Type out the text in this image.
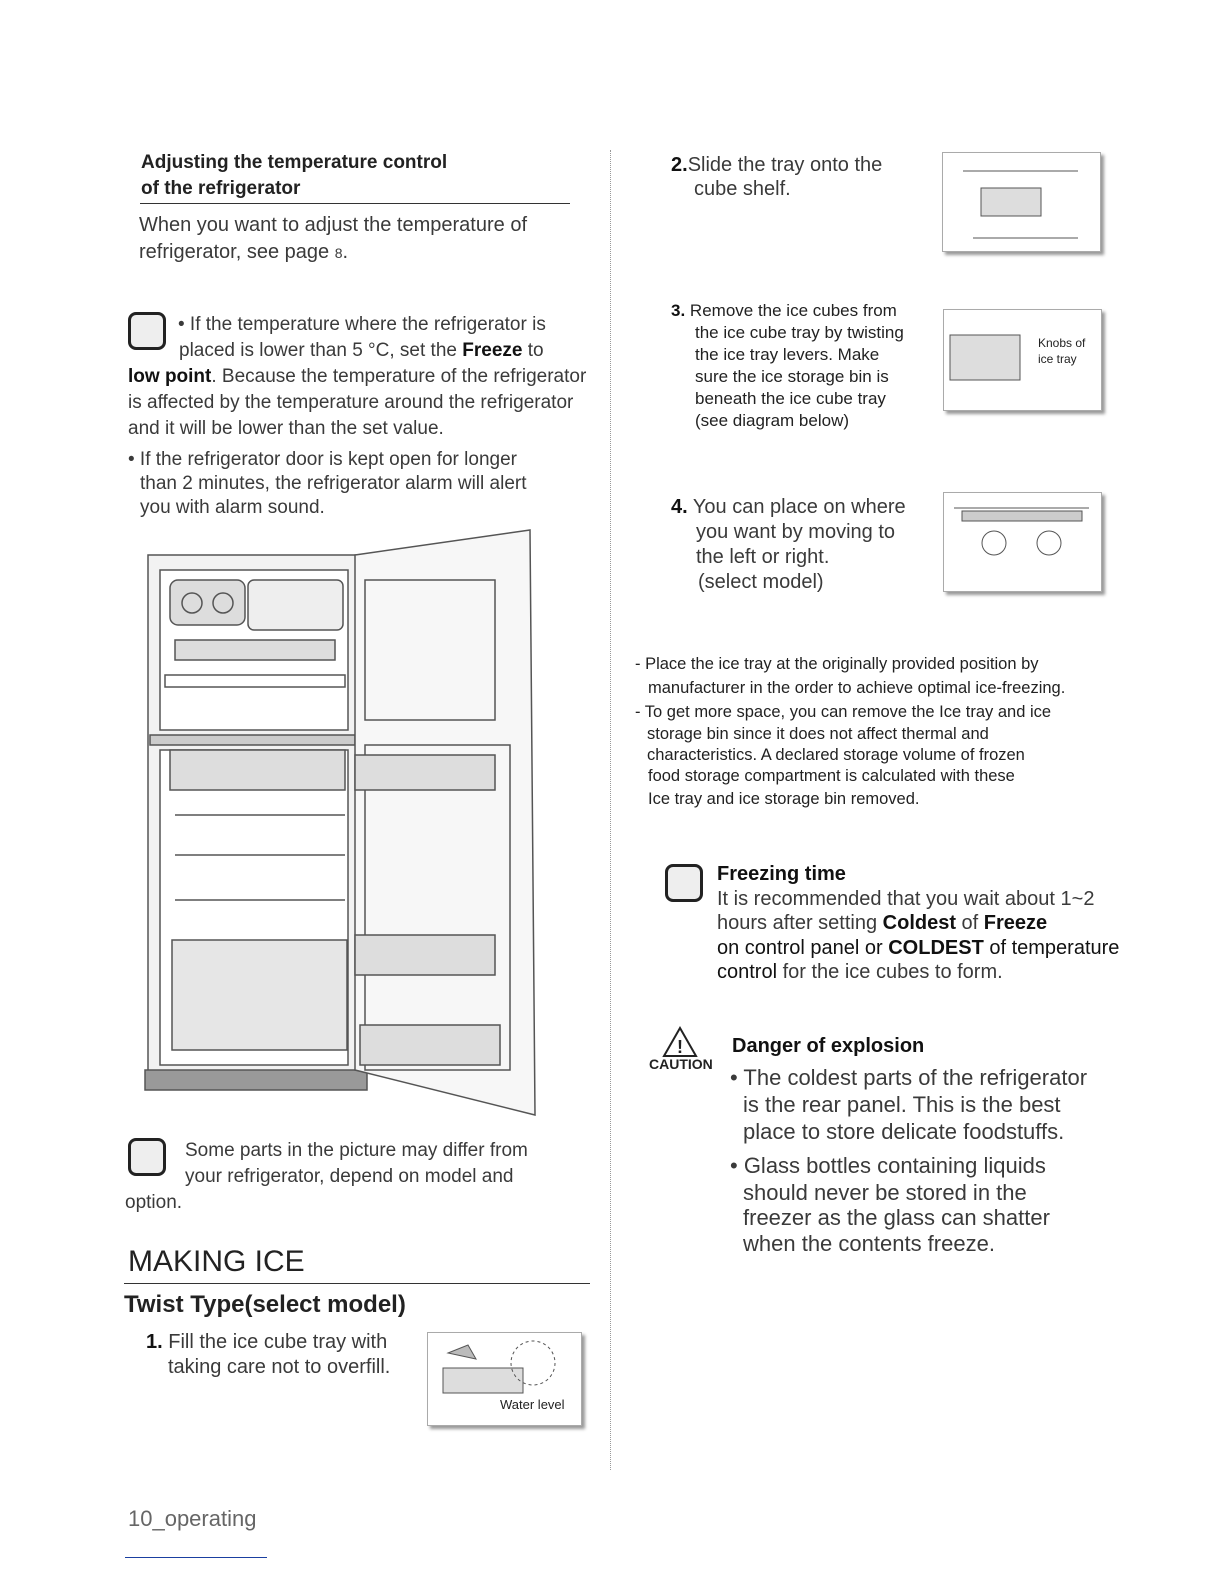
Adjusting the temperature control
of the refrigerator
When you want to adjust the temperature of
refrigerator, see page 8.
• If the temperature where the refrigerator is
placed is lower than 5 °C, set the Freeze to
low point. Because the temperature of the refrigerator
is affected by the temperature around the refrigerator
and it will be lower than the set value.
• If the refrigerator door is kept open for longer
than 2 minutes, the refrigerator alarm will alert
you with alarm sound.
Some parts in the picture may differ from
your refrigerator, depend on model and
option.
MAKING ICE
Twist Type(select model)
1. Fill the ice cube tray with
taking care not to overfill.
Water level
2.Slide the tray onto the
cube shelf.
3. Remove the ice cubes from
the ice cube tray by twisting
the ice tray levers. Make
sure the ice storage bin is
beneath the ice cube tray
(see diagram below)
Knobs of
ice tray
4. You can place on where
you want by moving to
the left or right.
(select model)
- Place the ice tray at the originally provided position by
manufacturer in the order to achieve optimal ice-freezing.
- To get more space, you can remove the Ice tray and ice
storage bin since it does not affect thermal and
characteristics. A declared storage volume of frozen
food storage compartment is calculated with these
Ice tray and ice storage bin removed.
Freezing time
It is recommended that you wait about 1~2
hours after setting Coldest of Freeze
on control panel or COLDEST of temperature
control for the ice cubes to form.
!
CAUTION
Danger of explosion
• The coldest parts of the refrigerator
is the rear panel. This is the best
place to store delicate foodstuffs.
• Glass bottles containing liquids
should never be stored in the
freezer as the glass can shatter
when the contents freeze.
10_operating
